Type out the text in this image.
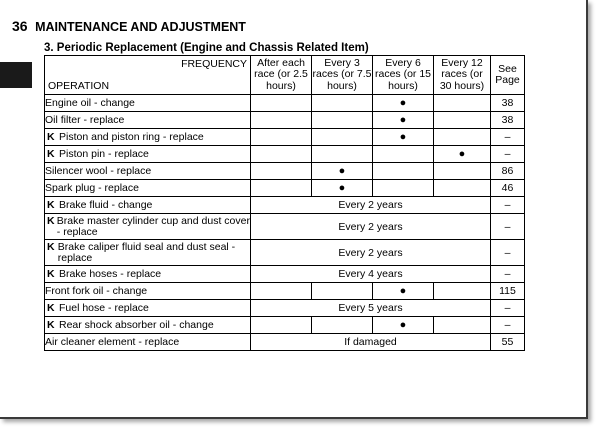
36 MAINTENANCE AND ADJUSTMENT
3. Periodic Replacement (Engine and Chassis Related Item)
FREQUENCY
OPERATION	After each race (or 2.5 hours)	Every 3 races (or 7.5 hours)	Every 6 races (or 15 hours)	Every 12 races (or 30 hours)	See Page
Engine oil - change			●		38
Oil filter - replace			●		38

K Piston and piston ring - replace			●		–

K Piston pin - replace				●	–
Silencer wool - replace		●			86
Spark plug - replace		●			46

K Brake fluid - change	Every 2 years				–

K Brake master cylinder cup and dust cover - replace	Every 2 years				–

K Brake caliper fluid seal and dust seal - replace	Every 2 years				–

K Brake hoses - replace	Every 4 years				–
Front fork oil - change			●		115

K Fuel hose - replace	Every 5 years				–

K Rear shock absorber oil - change			●		–
Air cleaner element - replace	If damaged				55
